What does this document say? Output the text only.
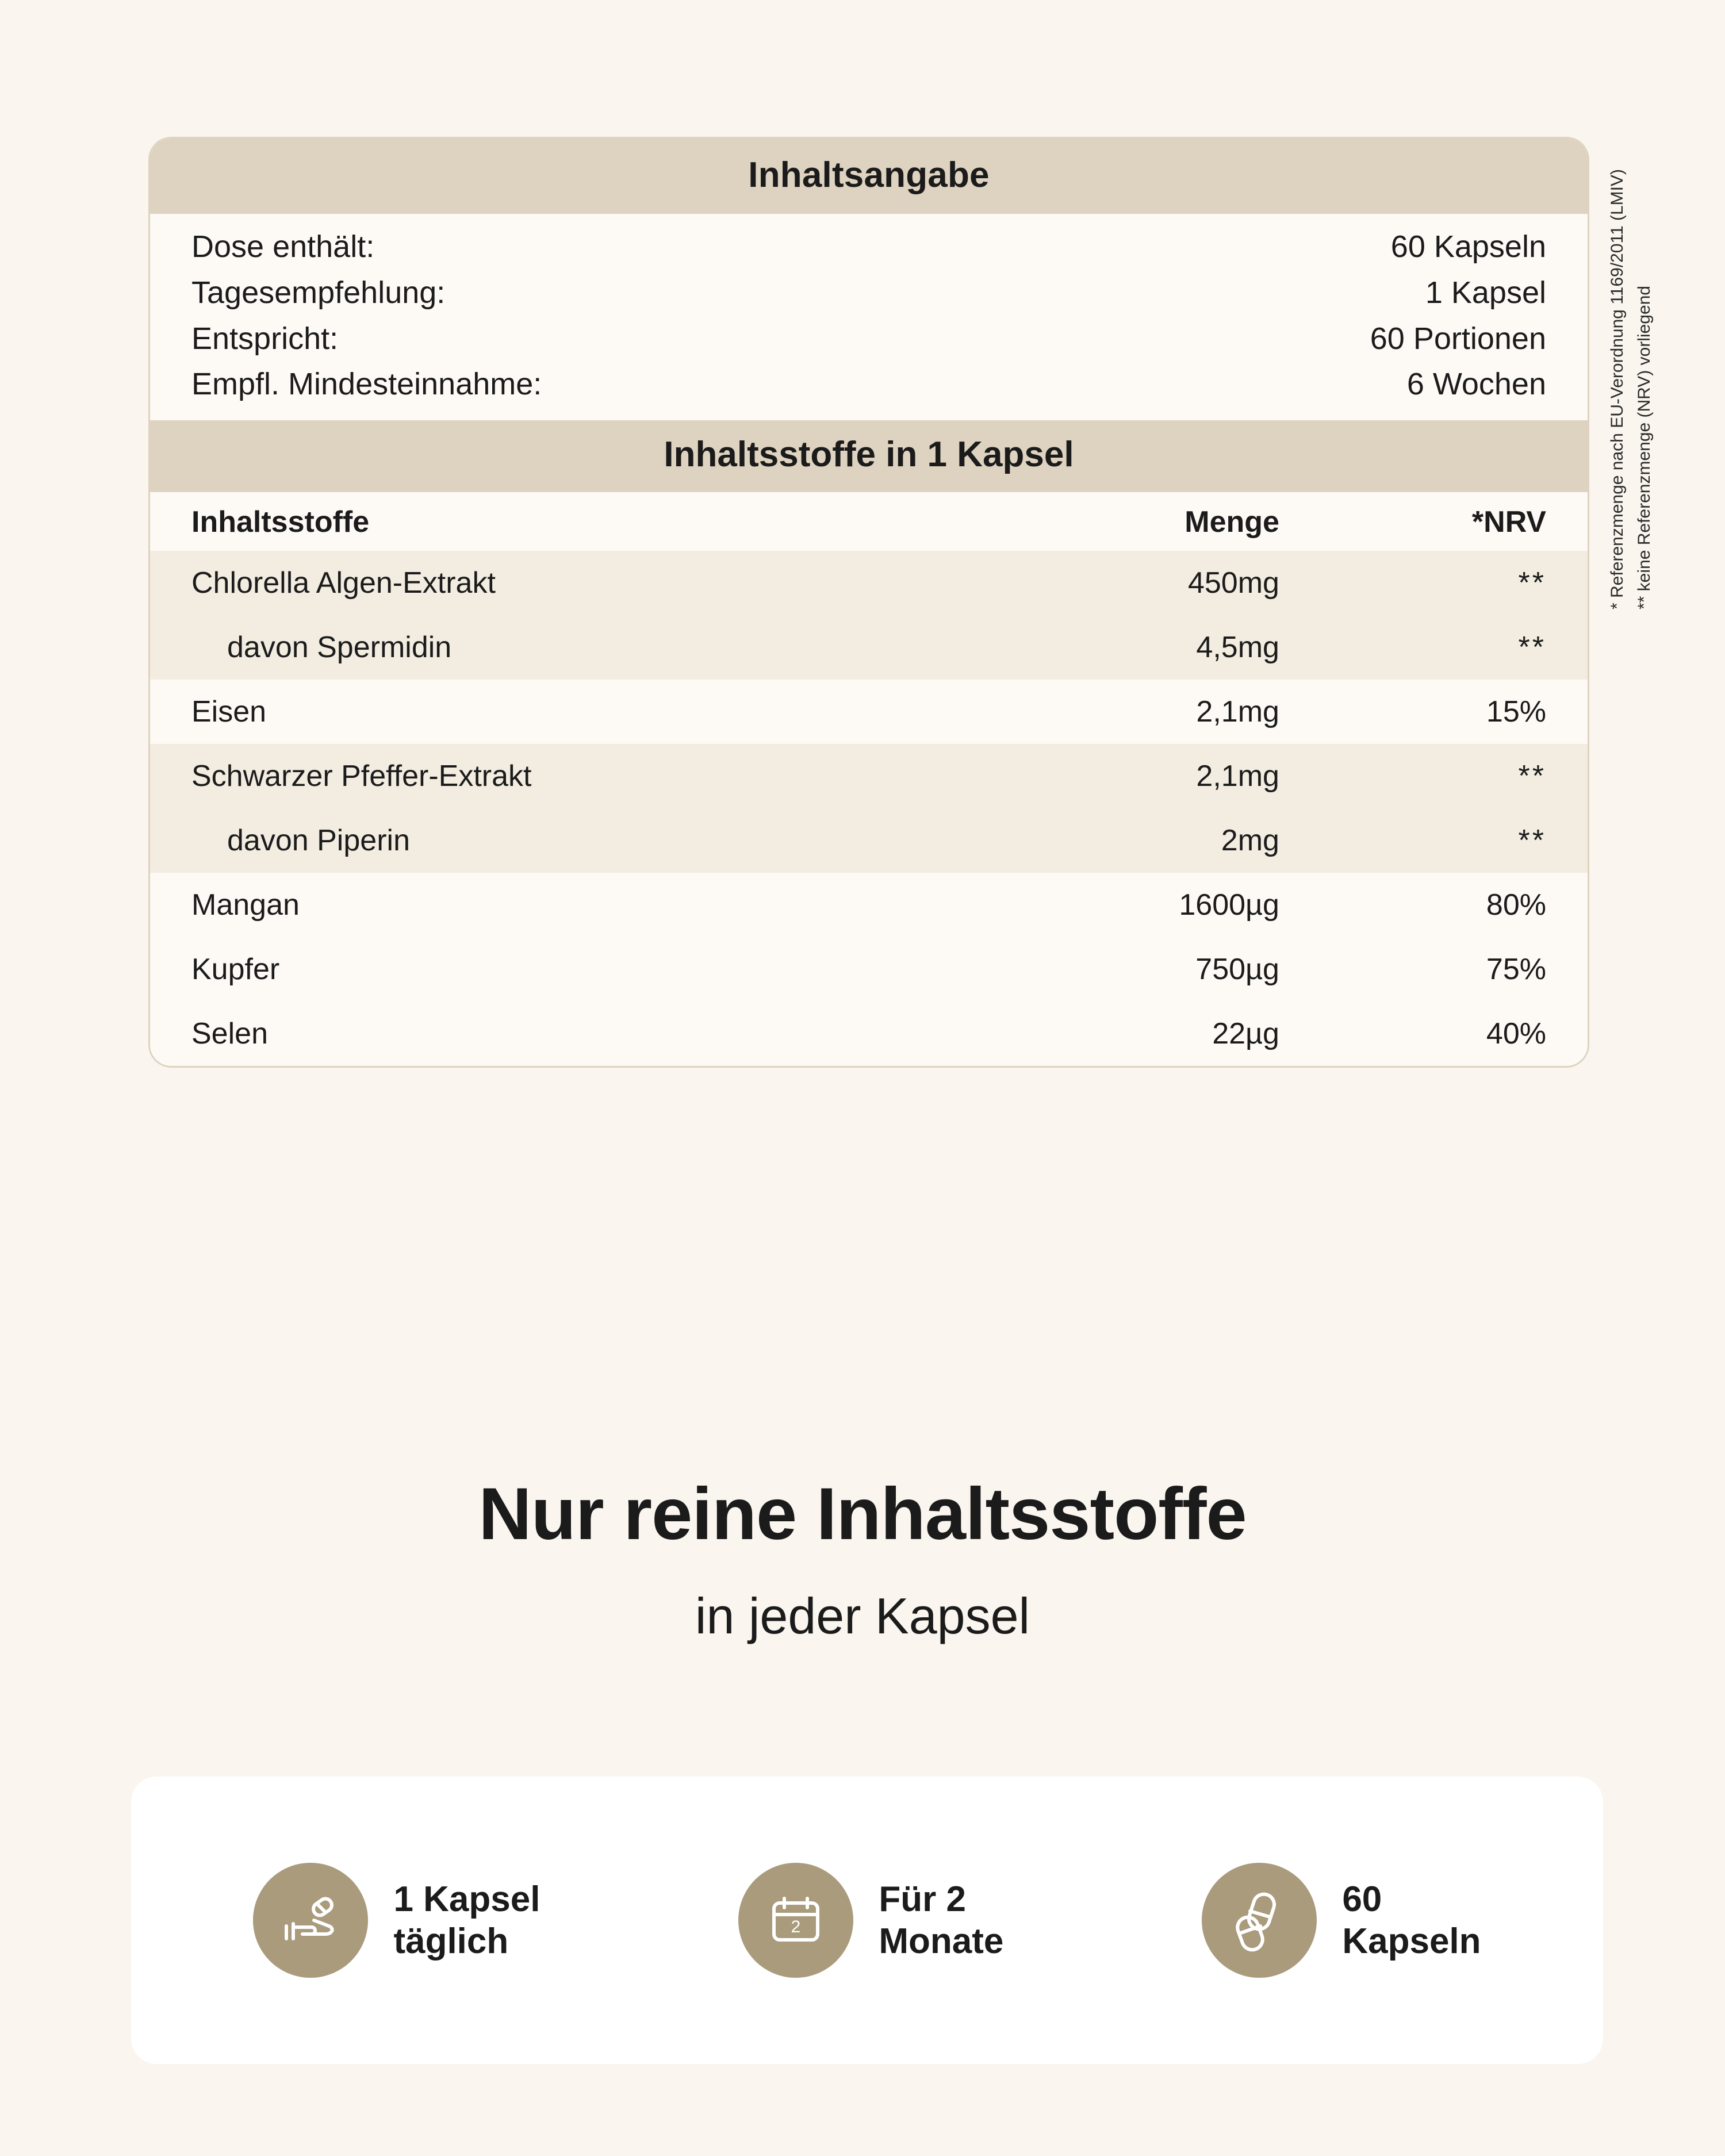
Inhaltsangabe
Dose enthält:	60 Kapseln
Tagesempfehlung:	1 Kapsel
Entspricht:	60 Portionen
Empfl. Mindesteinnahme:	6 Wochen
Inhaltsstoffe in 1 Kapsel
Inhaltsstoffe	Menge	*NRV
Chlorella Algen-Extrakt	450mg	**
davon Spermidin	4,5mg	**
Eisen	2,1mg	15%
Schwarzer Pfeffer-Extrakt	2,1mg	**
davon Piperin	2mg	**
Mangan	1600µg	80%
Kupfer	750µg	75%
Selen	22µg	40%
* Referenzmenge nach EU-Verordnung 1169/2011 (LMIV) ** keine Referenzmenge (NRV) vorliegend
Nur reine Inhaltsstoffe
in jeder Kapsel
1 Kapsel
täglich	2
Für 2
Monate
60
Kapseln
